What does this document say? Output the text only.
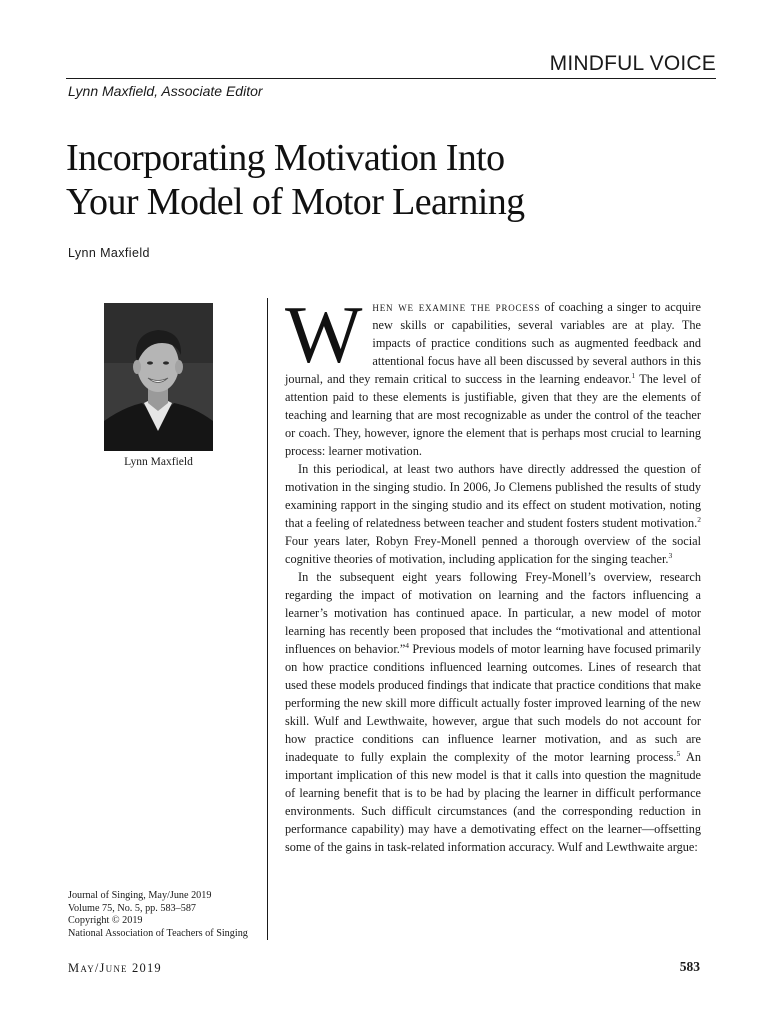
MINDFUL VOICE
Lynn Maxfield, Associate Editor
Incorporating Motivation Into
Your Model of Motor Learning
Lynn Maxfield
Lynn Maxfield
Journal of Singing, May/June 2019
Volume 75, No. 5, pp. 583–587
Copyright © 2019
National Association of Teachers of Singing

When we examine the process of coaching a singer to acquire new skills or capabilities, several variables are at play. The impacts of practice conditions such as augmented feedback and attentional focus have all been discussed by several authors in this journal, and they remain critical to success in the learning endeavor.$^1$ The level of attention paid to these elements is justifiable, given that they are the elements of teaching and learning that are most recognizable as under the control of the teacher or coach. They, however, ignore the element that is perhaps most crucial to learning process: learner motivation.

In this periodical, at least two authors have directly addressed the question of motivation in the singing studio. In 2006, Jo Clemens published the results of study examining rapport in the singing studio and its effect on student motivation, noting that a feeling of relatedness between teacher and student fosters student motivation.$^2$ Four years later, Robyn Frey-Monell penned a thorough overview of the social cognitive theories of motivation, including application for the singing teacher.$^3$

In the subsequent eight years following Frey-Monell’s overview, research regarding the impact of motivation on learning and the factors influencing a learner’s motivation has continued apace. In particular, a new model of motor learning has recently been proposed that includes the “motivational and attentional influences on behavior.”$^4$ Previous models of motor learning have focused primarily on how practice conditions influenced learning outcomes. Lines of research that used these models produced findings that indicate that practice conditions that make performing the new skill more difficult actually foster improved learning of the new skill. Wulf and Lewthwaite, however, argue that such models do not account for how practice conditions can influence learner motivation, and as such are inadequate to fully explain the complexity of the motor learning process.$^5$ An important implication of this new model is that it calls into question the magnitude of learning benefit that is to be had by placing the learner in difficult performance environments. Such difficult circumstances (and the corresponding reduction in performance capability) may have a demotivating effect on the learner—offsetting some of the gains in task-related information accuracy. Wulf and Lewthwaite argue:

May/June 2019	583
